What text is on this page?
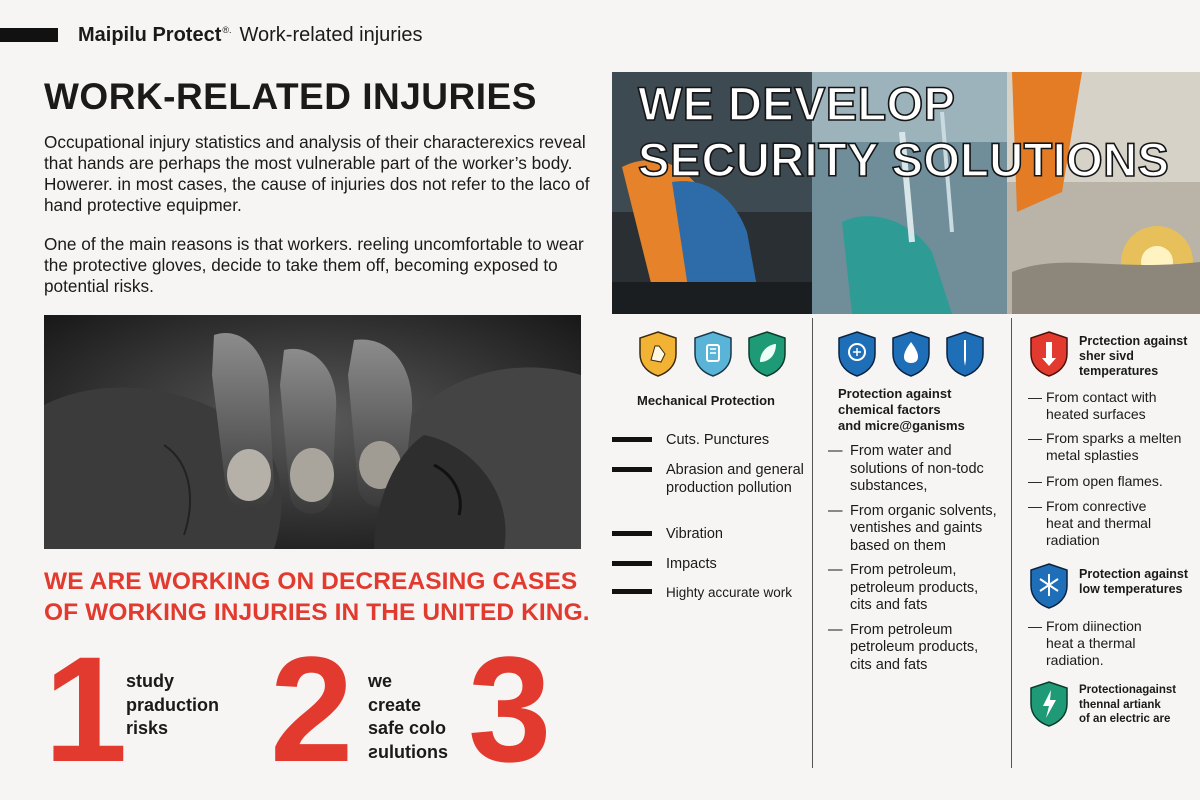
Maipilu Protect®. Work-related injuries
WORK-RELATED INJURIES
Occupational injury statistics and analysis of their characterexics reveal that hands are perhaps the most vulnerable part of the worker’s body. Howerer. in most cases, the cause of injuries dos not refer to the laco of hand protective equipmer.
One of the main reasons is that workers. reeling uncomfortable to wear the protective gloves, decide to take them off, becoming exposed to potential risks.
WE ARE WORKING ON DECREASING CASES
OF WORKING INJURIES IN THE UNITED KING.
1
study
praduction
risks 2 we
create
safe colo
ƨulutions 3
WE DEVELOP
SECURITY SOLUTIONS
Mechanical Protection
Cuts. Punctures
Abrasion and general production pollution
Vibration
Impacts
Highty accurate work
Protection against
chemical factors
and micre@ganisms
— From water and
solutions of non-todc
substances,
— From organic solvents,
ventishes and gaints
based on them
— From petroleum,
petroleum products,
cits and fats
— From petroleum
petroleum products,
cits and fats
Prctection against
sher sivd
temperatures
— From contact with
heated surfaces
— From sparks a melten
metal splasties
— From open flames.
— From conrective
heat and thermal
radiation
Protection against
low temperatures
— From diinection
heat a thermal
radiation.
Protectionagainst
thennal artiank
of an electric are
